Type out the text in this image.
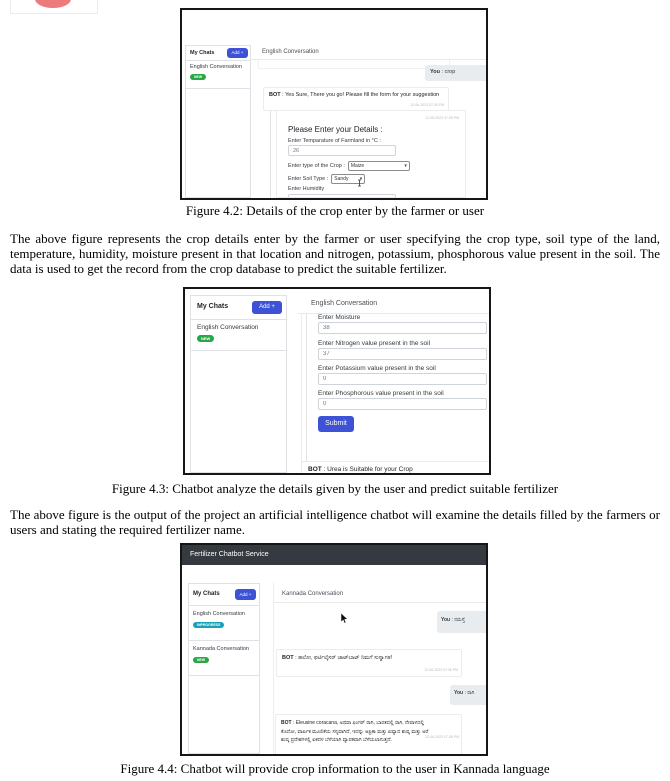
My Chats	Add +
English Conversation
NEW
English Conversation
You : crop
BOT : Yes Sure, There you go! Please fill the form for your suggestion
12-06-2023 07:35 PM
12-06-2023 07:35 PM
Please Enter your Details :
Enter Temparature of Farmland in °C :
26
Enter type of the Crop : Maize	▾
Enter Soil Type : Sandy ▾
Enter Humidity
52
Figure 4.2: Details of the crop enter by the farmer or user
The above figure represents the crop details enter by the farmer or user specifying the crop type, soil type of the land, temperature, humidity, moisture present in that location and nitrogen, potassium, phosphorous value present in the soil. The data is used to get the record from the crop database to predict the suitable fertilizer.
My Chats	Add +
English Conversation
NEW
English Conversation
Enter Moisture
38
Enter Nitrogen value present in the soil
37
Enter Potassium value present in the soil
0
Enter Phosphorous value present in the soil
0
Submit
BOT : Urea is Suitable for your Crop
Figure 4.3: Chatbot analyze the details given by the user and predict suitable fertilizer
The above figure is the output of the project an artificial intelligence chatbot will examine the details filled by the farmers or users and stating the required fertilizer name.
Fertilizer Chatbot Service
My Chats	Add +
English Conversation
INPROGRESS
Kannada Conversation
NEW
Kannada Conversation
You : ನಮಸ್ತೆ
BOT : ಹಲೋ, ಫರ್ಟಿಲೈಸರ್ ಚಾಟ್‌ಬಾಟ್ ನಿಮಗೆ ಸುಸ್ವಾಗತ!
12-06-2023 07:36 PM
You : ರಾಗಿ
BOT : Eleusine coracana, ಅಥವಾ ಫಿಂಗರ್ ರಾಗಿ, ಭಾರತದಲ್ಲಿ ರಾಗಿ, ನೇಪಾಳದಲ್ಲಿ ಕೊದೋ, ವಾರ್ಷಿಕ ಮೂಲಿಕೆಯ ಸಸ್ಯವಾಗಿದೆ, ಇದನ್ನು ಆಫ್ರಿಕಾ ಮತ್ತು ಏಷ್ಯಾದ ಶುಷ್ಕ ಮತ್ತು ಅರೆ ಶುಷ್ಕ ಪ್ರದೇಶಗಳಲ್ಲಿ ಏಕದಳ ಬೆಳೆಯಾಗಿ ವ್ಯಾಪಕವಾಗಿ ಬೆಳೆಯಲಾಗುತ್ತದೆ.	12-06-2023 07:36 PM
Figure 4.4: Chatbot will provide crop information to the user in Kannada language
